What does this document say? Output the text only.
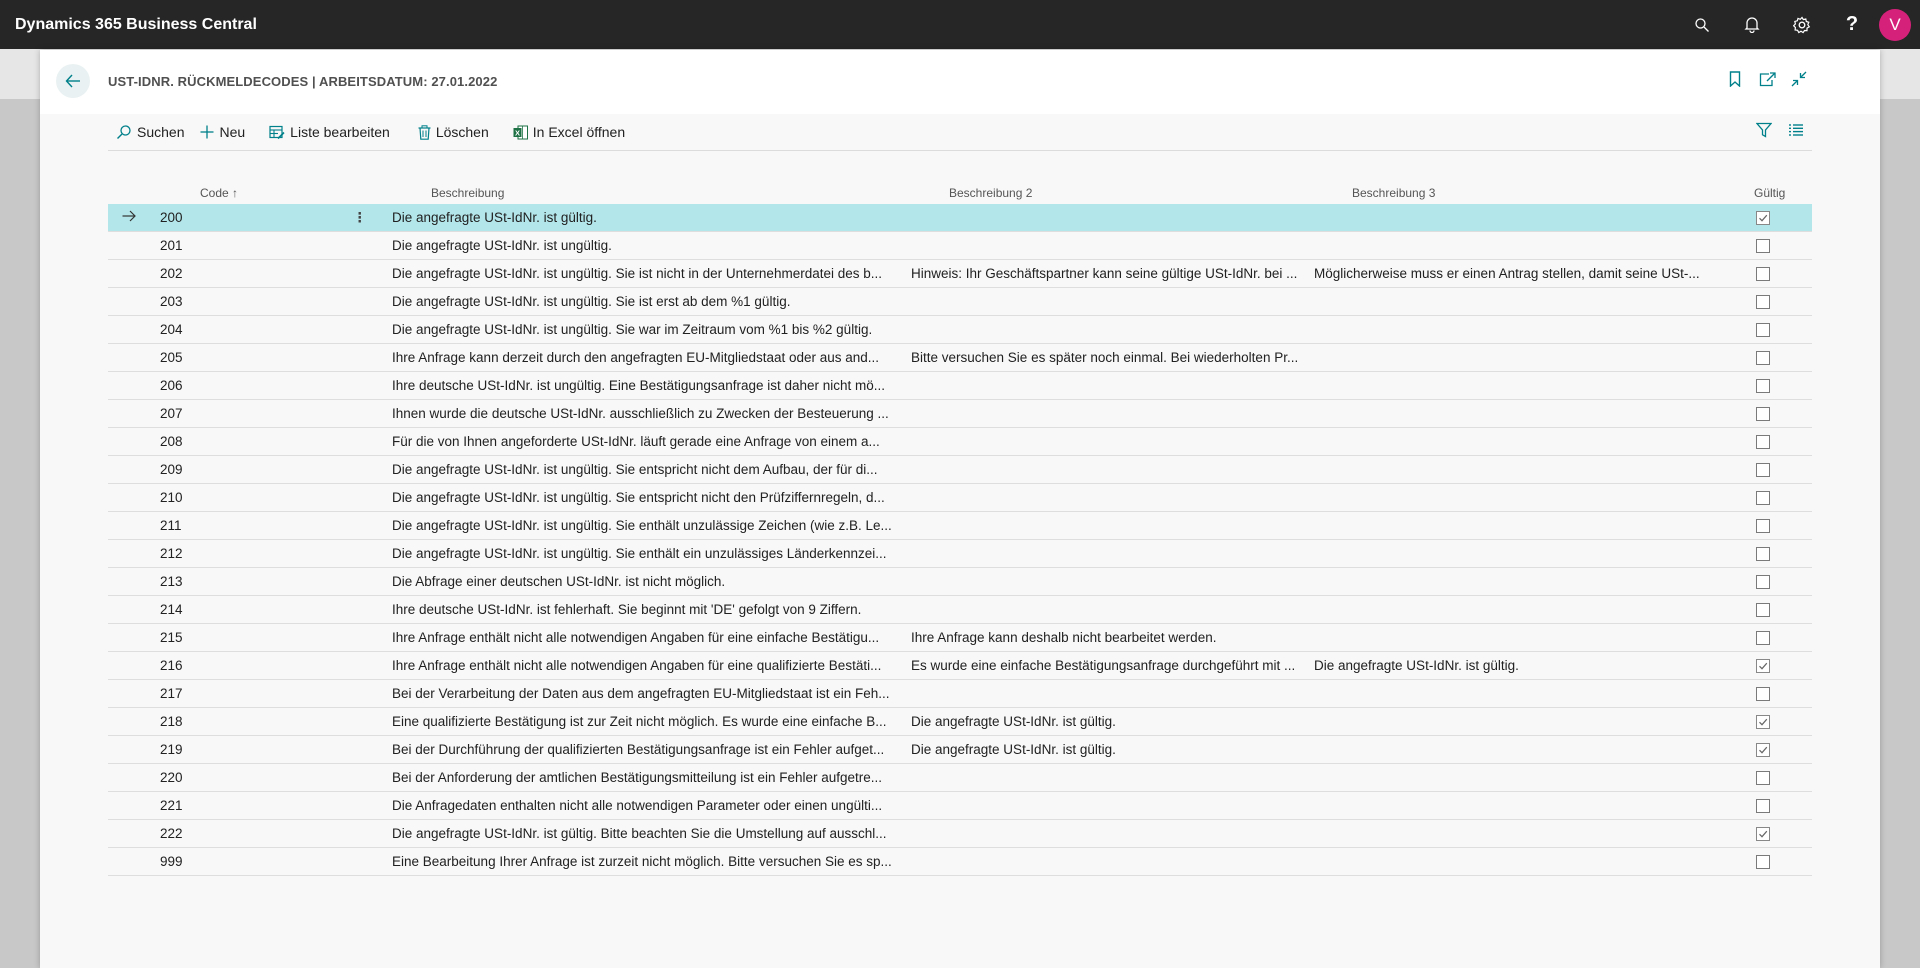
Dynamics 365 Business Central	?	V
UST-IDNR. RÜCKMELDECODES | ARBEITSDATUM: 27.01.2022
Suchen	Neu	Liste bearbeiten	Löschen	X In Excel öffnen
Code ↑	Beschreibung	Beschreibung 2	Beschreibung 3	Gültig
⋮
200	Die angefragte USt-IdNr. ist gültig.
201	Die angefragte USt-IdNr. ist ungültig.
202	Die angefragte USt-IdNr. ist ungültig. Sie ist nicht in der Unternehmerdatei des b...	Hinweis: Ihr Geschäftspartner kann seine gültige USt-IdNr. bei ...	Möglicherweise muss er einen Antrag stellen, damit seine USt-...
203	Die angefragte USt-IdNr. ist ungültig. Sie ist erst ab dem %1 gültig.
204	Die angefragte USt-IdNr. ist ungültig. Sie war im Zeitraum vom %1 bis %2 gültig.
205	Ihre Anfrage kann derzeit durch den angefragten EU-Mitgliedstaat oder aus and...	Bitte versuchen Sie es später noch einmal. Bei wiederholten Pr...
206	Ihre deutsche USt-IdNr. ist ungültig. Eine Bestätigungsanfrage ist daher nicht mö...
207	Ihnen wurde die deutsche USt-IdNr. ausschließlich zu Zwecken der Besteuerung ...
208	Für die von Ihnen angeforderte USt-IdNr. läuft gerade eine Anfrage von einem a...
209	Die angefragte USt-IdNr. ist ungültig. Sie entspricht nicht dem Aufbau, der für di...
210	Die angefragte USt-IdNr. ist ungültig. Sie entspricht nicht den Prüfziffernregeln, d...
211	Die angefragte USt-IdNr. ist ungültig. Sie enthält unzulässige Zeichen (wie z.B. Le...
212	Die angefragte USt-IdNr. ist ungültig. Sie enthält ein unzulässiges Länderkennzei...
213	Die Abfrage einer deutschen USt-IdNr. ist nicht möglich.
214	Ihre deutsche USt-IdNr. ist fehlerhaft. Sie beginnt mit 'DE' gefolgt von 9 Ziffern.
215	Ihre Anfrage enthält nicht alle notwendigen Angaben für eine einfache Bestätigu...	Ihre Anfrage kann deshalb nicht bearbeitet werden.
216	Ihre Anfrage enthält nicht alle notwendigen Angaben für eine qualifizierte Bestäti...	Es wurde eine einfache Bestätigungsanfrage durchgeführt mit ...	Die angefragte USt-IdNr. ist gültig.
217	Bei der Verarbeitung der Daten aus dem angefragten EU-Mitgliedstaat ist ein Feh...
218	Eine qualifizierte Bestätigung ist zur Zeit nicht möglich. Es wurde eine einfache B...	Die angefragte USt-IdNr. ist gültig.
219	Bei der Durchführung der qualifizierten Bestätigungsanfrage ist ein Fehler aufget...	Die angefragte USt-IdNr. ist gültig.
220	Bei der Anforderung der amtlichen Bestätigungsmitteilung ist ein Fehler aufgetre...
221	Die Anfragedaten enthalten nicht alle notwendigen Parameter oder einen ungülti...
222	Die angefragte USt-IdNr. ist gültig. Bitte beachten Sie die Umstellung auf ausschl...
999	Eine Bearbeitung Ihrer Anfrage ist zurzeit nicht möglich. Bitte versuchen Sie es sp...
